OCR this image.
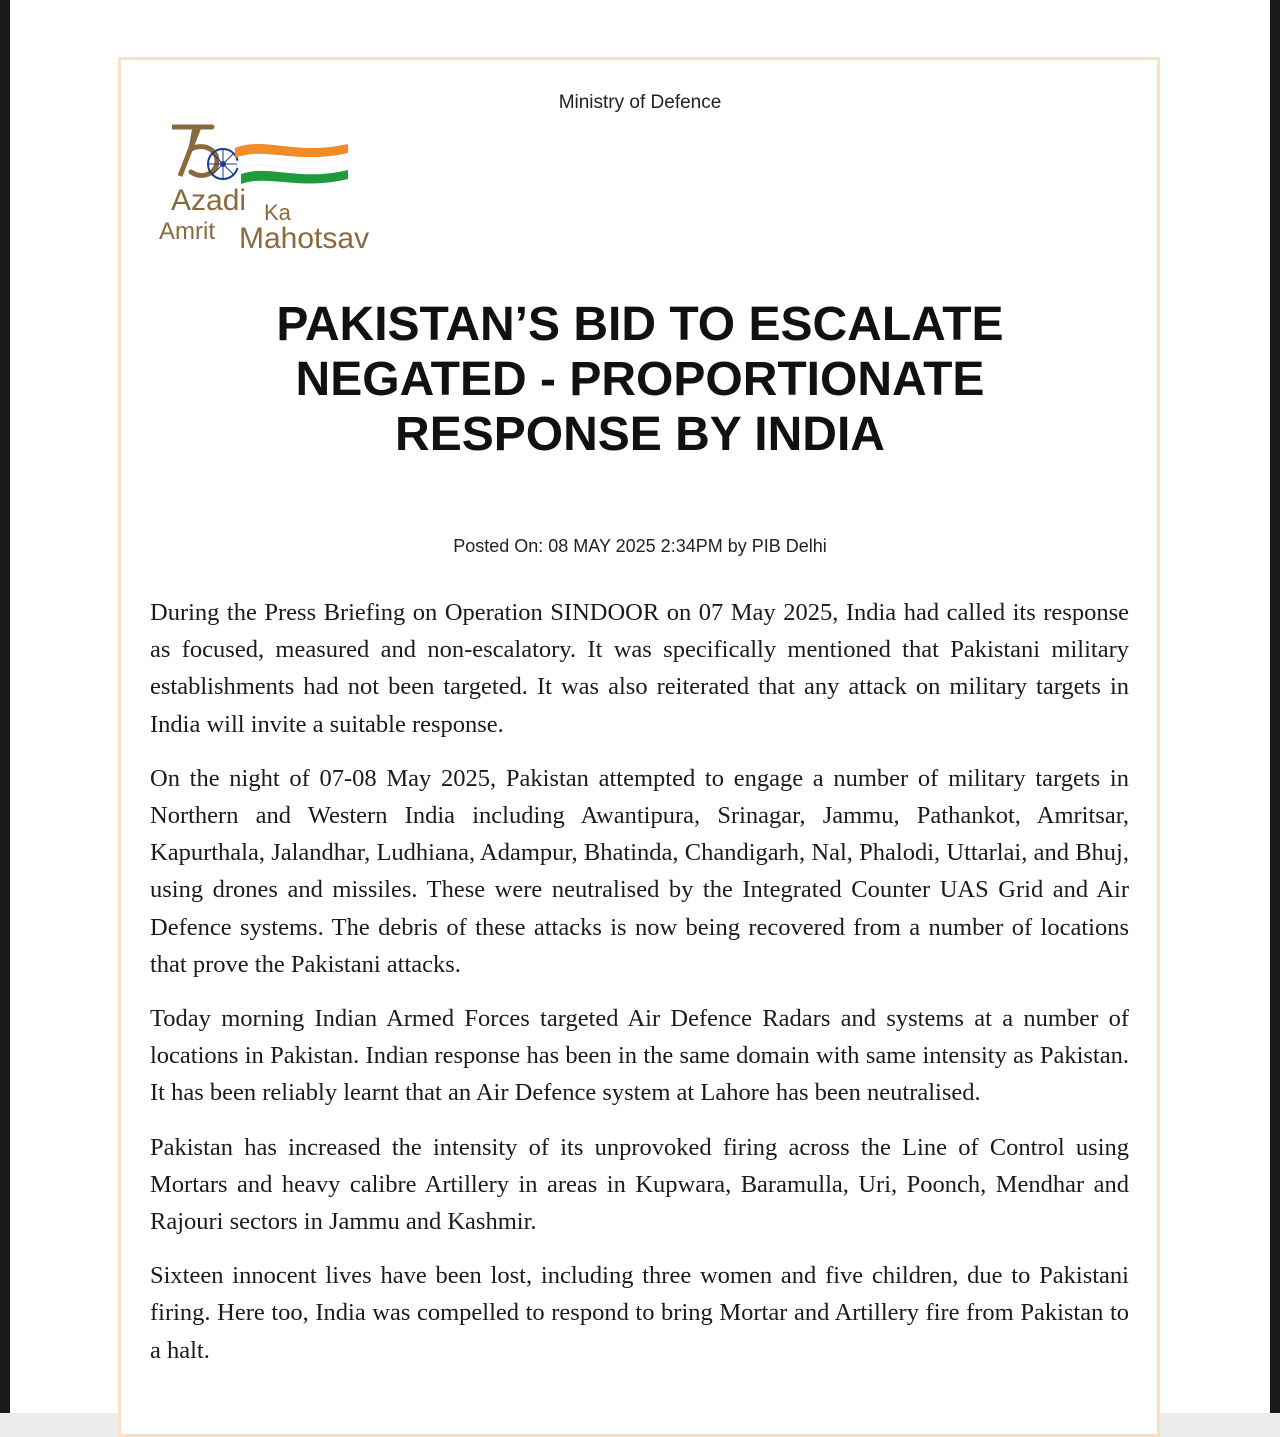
Ministry of Defence
Azadi Ka
Amrit Mahotsav
PAKISTAN’S BID TO ESCALATE
NEGATED - PROPORTIONATE
RESPONSE BY INDIA
Posted On: 08 MAY 2025 2:34PM by PIB Delhi

During the Press Briefing on Operation SINDOOR on 07 May 2025, India had called its response as focused, measured and non-escalatory. It was specifically mentioned that Pakistani military establishments had not been targeted. It was also reiterated that any attack on military targets in India will invite a suitable response.

On the night of 07-08 May 2025, Pakistan attempted to engage a number of military targets in Northern and Western India including Awantipura, Srinagar, Jammu, Pathankot, Amritsar, Kapurthala, Jalandhar, Ludhiana, Adampur, Bhatinda, Chandigarh, Nal, Phalodi, Uttarlai, and Bhuj, using drones and missiles. These were neutralised by the Integrated Counter UAS Grid and Air Defence systems. The debris of these attacks is now being recovered from a number of locations that prove the Pakistani attacks.

Today morning Indian Armed Forces targeted Air Defence Radars and systems at a number of locations in Pakistan. Indian response has been in the same domain with same intensity as Pakistan. It has been reliably learnt that an Air Defence system at Lahore has been neutralised.

Pakistan has increased the intensity of its unprovoked firing across the Line of Control using Mortars and heavy calibre Artillery in areas in Kupwara, Baramulla, Uri, Poonch, Mendhar and Rajouri sectors in Jammu and Kashmir.

Sixteen innocent lives have been lost, including three women and five children, due to Pakistani firing. Here too, India was compelled to respond to bring Mortar and Artillery fire from Pakistan to a halt.
